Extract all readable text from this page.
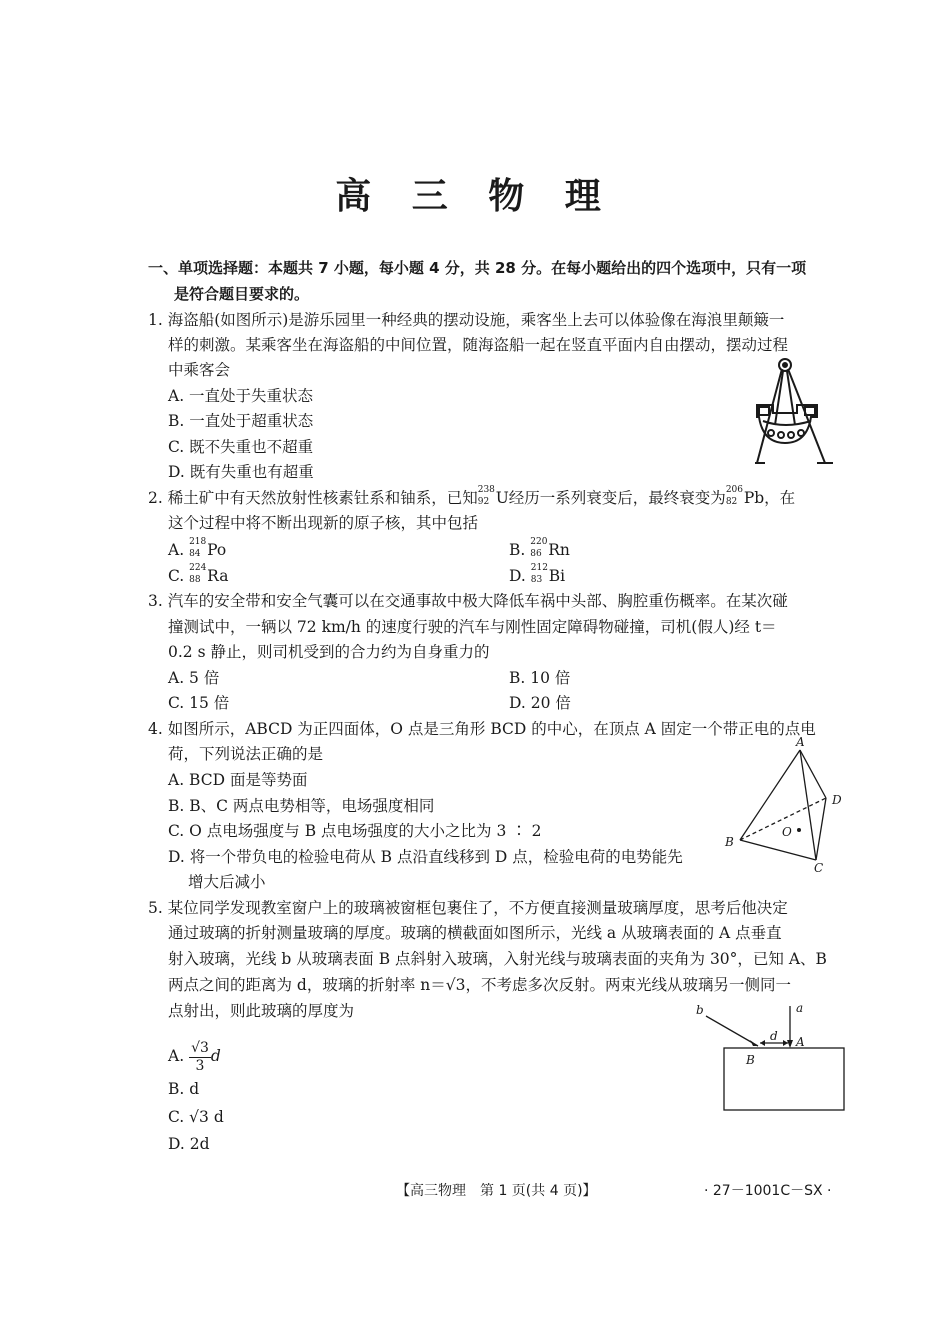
高 三 物 理
一、单项选择题：本题共 7 小题，每小题 4 分，共 28 分。在每小题给出的四个选项中，只有一项
是符合题目要求的。
1. 海盗船(如图所示)是游乐园里一种经典的摆动设施，乘客坐上去可以体验像在海浪里颠簸一
样的刺激。某乘客坐在海盗船的中间位置，随海盗船一起在竖直平面内自由摆动，摆动过程
中乘客会
A. 一直处于失重状态
B. 一直处于超重状态
C. 既不失重也不超重
D. 既有失重也有超重
2. 稀土矿中有天然放射性核素钍系和铀系，已知 238
92 U经历一系列衰变后，最终衰变为 206
82 Pb，在
这个过程中将不断出现新的原子核，其中包括
A. 218
84 Po	B. 220
86 Rn
C. 224
88 Ra	D. 212
83 Bi
3. 汽车的安全带和安全气囊可以在交通事故中极大降低车祸中头部、胸腔重伤概率。在某次碰
撞测试中，一辆以 72 km/h 的速度行驶的汽车与刚性固定障碍物碰撞，司机(假人)经 t＝
0.2 s 静止，则司机受到的合力约为自身重力的
A. 5 倍	B. 10 倍
C. 15 倍	D. 20 倍
4. 如图所示，ABCD 为正四面体，O 点是三角形 BCD 的中心，在顶点 A 固定一个带正电的点电
荷，下列说法正确的是
A. BCD 面是等势面
B. B、C 两点电势相等，电场强度相同
C. O 点电场强度与 B 点电场强度的大小之比为 3 ∶ 2
D. 将一个带负电的检验电荷从 B 点沿直线移到 D 点，检验电荷的电势能先
增大后减小
A
B
C
D
O
5. 某位同学发现教室窗户上的玻璃被窗框包裹住了，不方便直接测量玻璃厚度，思考后他决定
通过玻璃的折射测量玻璃的厚度。玻璃的横截面如图所示，光线 a 从玻璃表面的 A 点垂直
射入玻璃，光线 b 从玻璃表面 B 点斜射入玻璃，入射光线与玻璃表面的夹角为 30°，已知 A、B
两点之间的距离为 d，玻璃的折射率 n＝√3，不考虑多次反射。两束光线从玻璃另一侧同一
点射出，则此玻璃的厚度为
A. $\frac{√3}{3}$ d
B. d
C. √3 d
D. 2d
b	a
d A
B
【高三物理　第 1 页(共 4 页)】	· 27－1001C－SX ·
